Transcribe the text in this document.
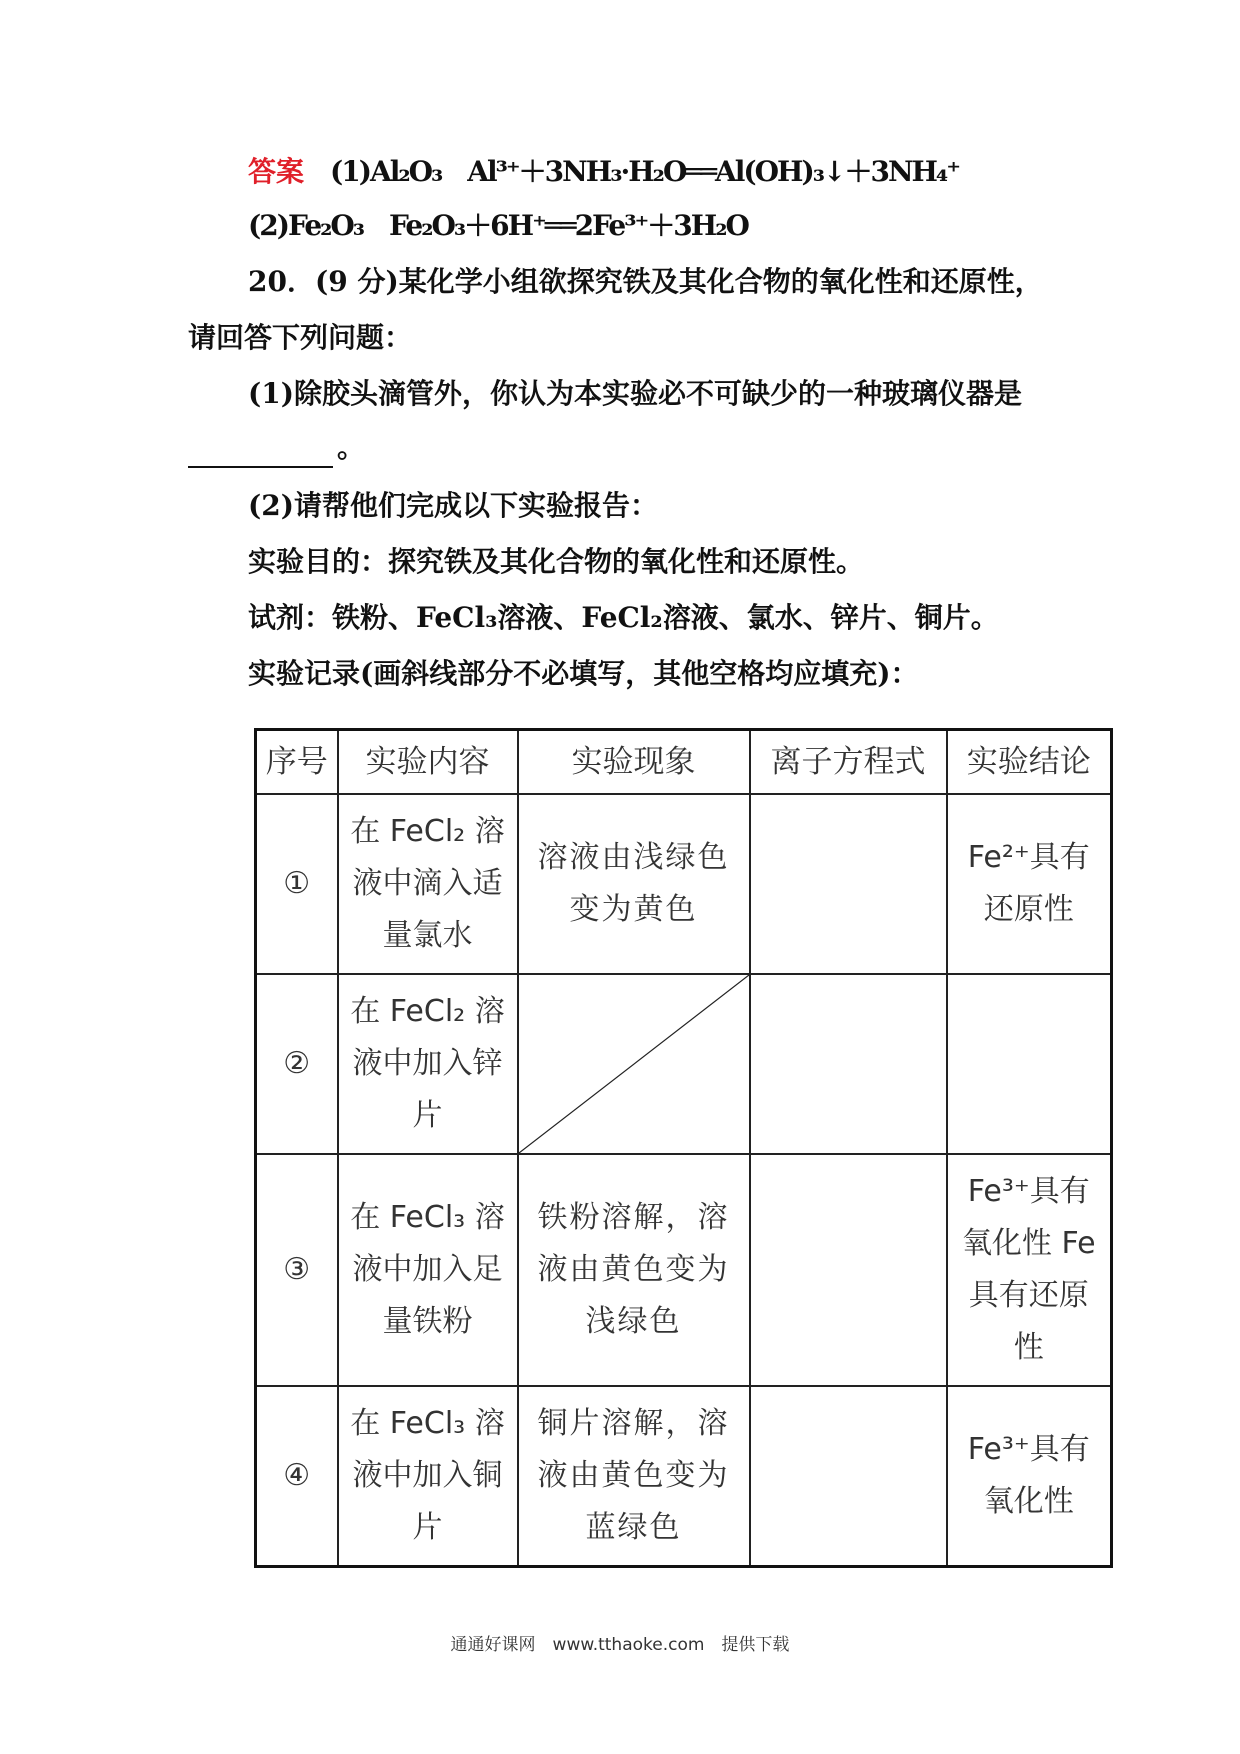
答案 (1)Al₂O₃　Al³⁺＋3NH₃·H₂O══Al(OH)₃↓＋3NH₄⁺
(2)Fe₂O₃　Fe₂O₃＋6H⁺══2Fe³⁺＋3H₂O
20．(9 分)某化学小组欲探究铁及其化合物的氧化性和还原性，
请回答下列问题：
(1)除胶头滴管外，你认为本实验必不可缺少的一种玻璃仪器是
。
(2)请帮他们完成以下实验报告：
实验目的：探究铁及其化合物的氧化性和还原性。
试剂：铁粉、FeCl₃溶液、FeCl₂溶液、氯水、锌片、铜片。
实验记录(画斜线部分不必填写，其他空格均应填充)：
序号	实验内容	实验现象	离子方程式	实验结论
①	在 FeCl₂ 溶液中滴入适量氯水	溶液由浅绿色变为黄色		Fe²⁺具有还原性
②	在 FeCl₂ 溶液中加入锌片	

③	在 FeCl₃ 溶液中加入足量铁粉	铁粉溶解，溶液由黄色变为浅绿色		Fe³⁺具有氧化性 Fe 具有还原性
④	在 FeCl₃ 溶液中加入铜片	铜片溶解，溶液由黄色变为蓝绿色		Fe³⁺具有氧化性
通通好课网　www.tthaoke.com　提供下载
